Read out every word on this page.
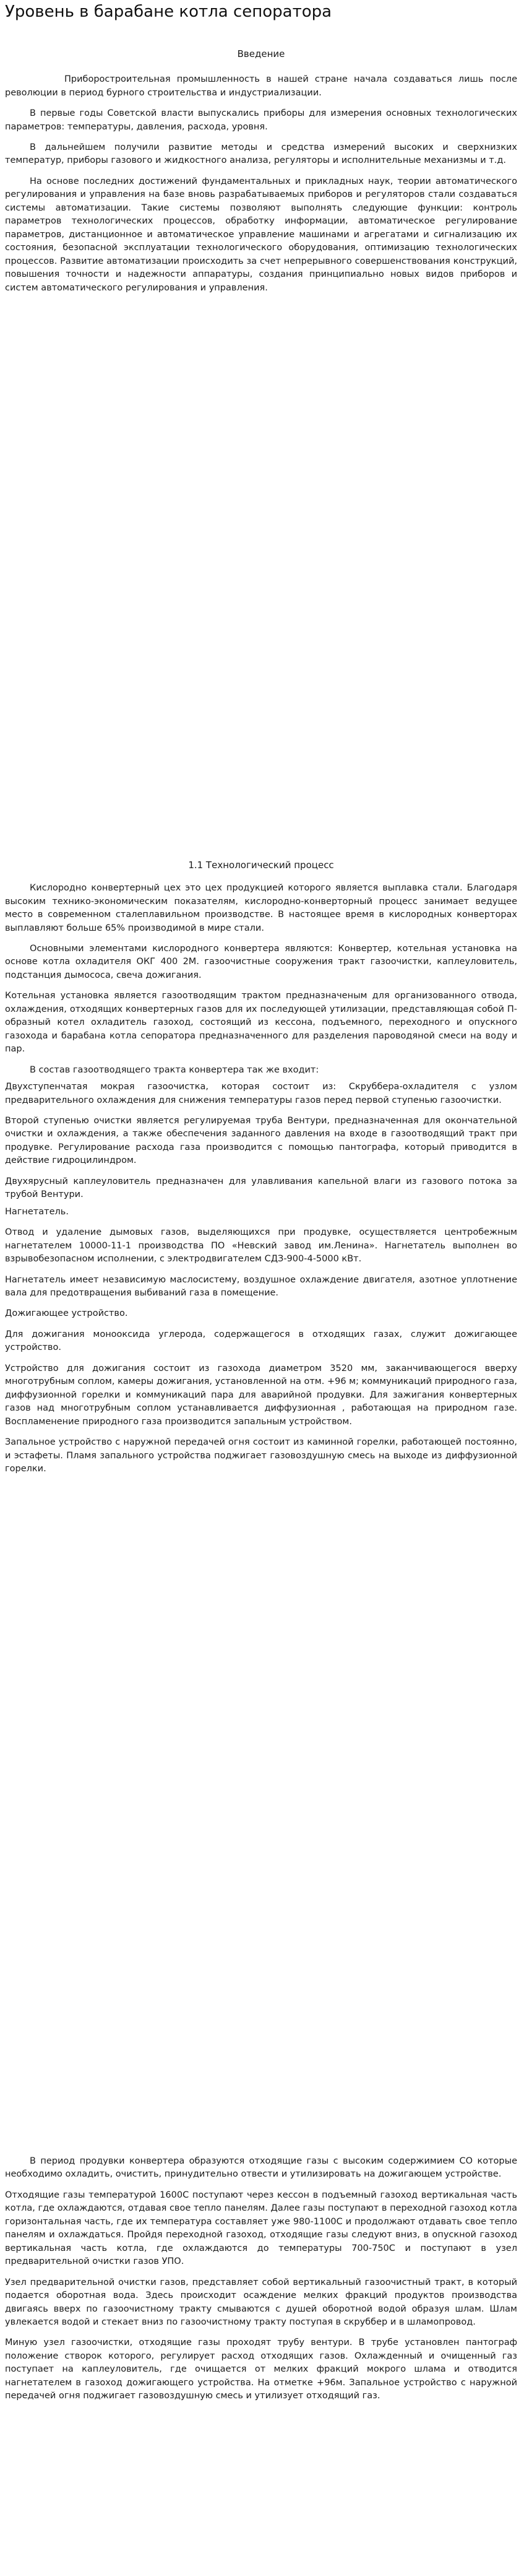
Уровень в барабане котла сепоратора

Введение

Приборостроительная промышленность в нашей стране начала создаваться лишь после революции в период бурного строительства и индустриализации.

В первые годы Советской власти выпускались приборы для измерения основных технологических параметров: температуры, давления, расхода, уровня.

В дальнейшем получили развитие методы и средства измерений высоких и сверхнизких температур, приборы газового и жидкостного анализа, регуляторы и исполнительные механизмы и т.д.

На основе последних достижений фундаментальных и прикладных наук, теории автоматического регулирования и управления на базе вновь разрабатываемых приборов и регуляторов стали создаваться системы автоматизации. Такие системы позволяют выполнять следующие функции: контроль параметров технологических процессов, обработку информации, автоматическое регулирование параметров, дистанционное и автоматическое управление машинами и агрегатами и сигнализацию их состояния, безопасной эксплуатации технологического оборудования, оптимизацию технологических процессов. Развитие автоматизации происходить за счет непрерывного совершенствования конструкций, повышения точности и надежности аппаратуры, создания принципиально новых видов приборов и систем автоматического регулирования и управления.

1.1 Технологический процесс

Кислородно конвертерный цех это цех продукцией которого является выплавка стали. Благодаря высоким технико-экономическим показателям, кислородно-конверторный процесс занимает ведущее место в современном сталеплавильном производстве. В настоящее время в кислородных конверторах выплавляют больше 65% производимой в мире стали.

Основными элементами кислородного конвертера являются: Конвертер, котельная установка на основе котла охладителя ОКГ 400 2М. газоочистные сооружения тракт газоочистки, каплеуловитель, подстанция дымососа, свеча дожигания.

Котельная установка является газоотводящим трактом предназначеным для организованного отвода, охлаждения, отходящих конвертерных газов для их последующей утилизации, представляющая собой П-образный котел охладитель газоход, состоящий из кессона, подъемного, переходного и опускного газохода и барабана котла сепоратора предназначенного для разделения пароводяной смеси на воду и пар.

В состав газоотводящего тракта конвертера так же входит:

Двухступенчатая мокрая газоочистка, которая состоит из: Скруббера-охладителя с узлом предварительного охлаждения для снижения температуры газов перед первой ступенью газоочистки.

Второй ступенью очистки является регулируемая труба Вентури, предназначенная для окончательной очистки и охлаждения, а также обеспечения заданного давления на входе в газоотводящий тракт при продувке. Регулирование расхода газа производится с помощью пантографа, который приводится в действие гидроцилиндром.

Двухярусный каплеуловитель предназначен для улавливания капельной влаги из газового потока за трубой Вентури.

Нагнетатель.

Отвод и удаление дымовых газов, выделяющихся при продувке, осуществляется центробежным нагнетателем 10000-11-1 производства ПО «Невский завод им.Ленина». Нагнетатель выполнен во взрывобезопасном исполнении, с электродвигателем СДЗ-900-4-5000 кВт.

Нагнетатель имеет независимую маслосистему, воздушное охлаждение двигателя, азотное уплотнение вала для предотвращения выбиваний газа в помещение.

Дожигающее устройство.

Для дожигания монооксида углерода, содержащегося в отходящих газах, служит дожигающее устройство.

Устройство для дожигания состоит из газохода диаметром 3520 мм, заканчивающегося вверху многотрубным соплом, камеры дожигания, установленной на отм. +96 м; коммуникаций природного газа, диффузионной горелки и коммуникаций пара для аварийной продувки. Для зажигания конвертерных газов над многотрубным соплом устанавливается диффузионная , работающая на природном газе. Воспламенение природного газа производится запальным устройством.

Запальное устройство с наружной передачей огня состоит из каминной горелки, работающей постоянно, и эстафеты. Пламя запального устройства поджигает газовоздушную смесь на выходе из диффузионной горелки.

В период продувки конвертера образуются отходящие газы с высоким содержимием СО которые необходимо охладить, очистить, принудительно отвести и утилизировать на дожигающем устройстве.

Отходящие газы температурой 1600С поступают через кессон в подъемный газоход вертикальная часть котла, где охлаждаются, отдавая свое тепло панелям. Далее газы поступают в переходной газоход котла горизонтальная часть, где их температура составляет уже 980-1100С и продолжают отдавать свое тепло панелям и охлаждаться. Пройдя переходной газоход, отходящие газы следуют вниз, в опускной газоход вертикальная часть котла, где охлаждаются до температуры 700-750С и поступают в узел предварительной очистки газов УПО.

Узел предварительной очистки газов, представляет собой вертикальный газоочистный тракт, в который подается оборотная вода. Здесь происходит осаждение мелких фракций продуктов производства двигаясь вверх по газоочистному тракту смываются с душей оборотной водой образуя шлам. Шлам увлекается водой и стекает вниз по газоочистному тракту поступая в скруббер и в шламопровод.

Миную узел газоочистки, отходящие газы проходят трубу вентури. В трубе установлен пантограф положение створок которого, регулирует расход отходящих газов. Охлажденный и очищенный газ поступает на каплеуловитель, где очищается от мелких фракций мокрого шлама и отводится нагнетателем в газоход дожигающего устройства. На отметке +96м. Запальное устройство с наружной передачей огня поджигает газовоздушную смесь и утилизует отходящий газ.
